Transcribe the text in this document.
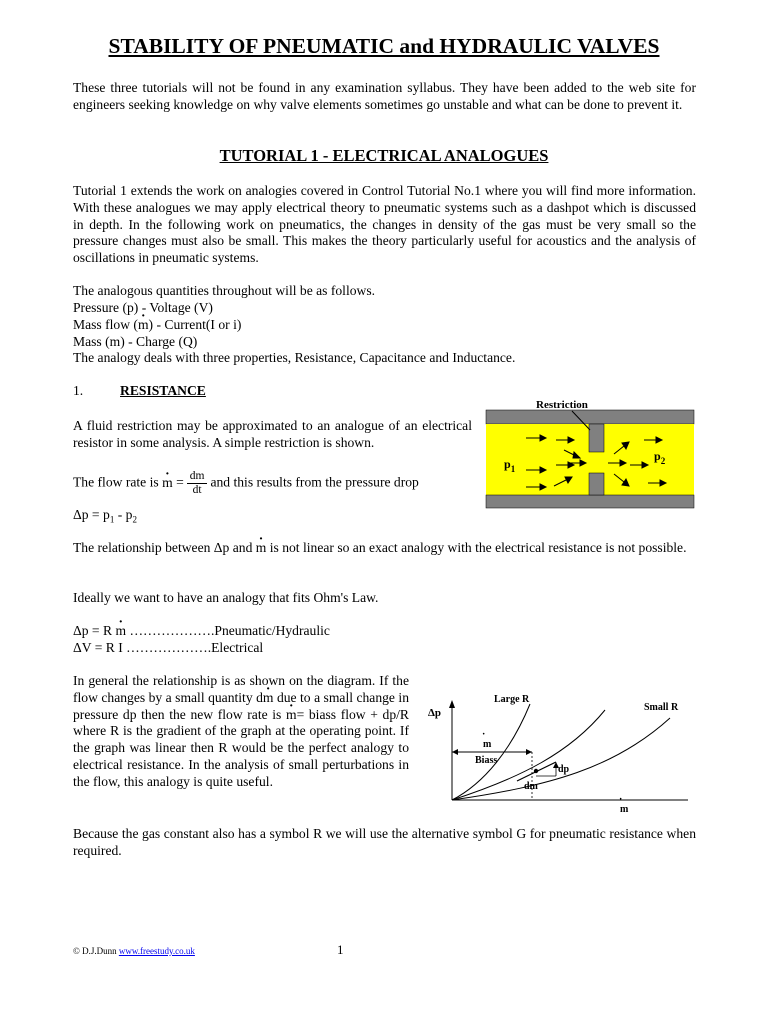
STABILITY OF PNEUMATIC and HYDRAULIC VALVES
These three tutorials will not be found in any examination syllabus. They have been added to the web site for engineers seeking knowledge on why valve elements sometimes go unstable and what can be done to prevent it.
TUTORIAL 1 - ELECTRICAL ANALOGUES
Tutorial 1 extends the work on analogies covered in Control Tutorial No.1 where you will find more information. With these analogues we may apply electrical theory to pneumatic systems such as a dashpot which is discussed in depth. In the following work on pneumatics, the changes in density of the gas must be very small so the pressure changes must also be small. This makes the theory particularly useful for acoustics and the analysis of oscillations in pneumatic systems.
The analogous quantities throughout will be as follows.
Pressure (p) - Voltage (V)
Mass flow (· m) - Current(I or i)
Mass (m) - Charge (Q)
The analogy deals with three properties, Resistance, Capacitance and Inductance.
1.	RESISTANCE
A fluid restriction may be approximated to an analogue of an electrical resistor in some analysis. A simple restriction is shown.
The flow rate is · $m = \frac{dm}{dt}$ and this results from the pressure drop
$\Delta p = p_1 - p_2$
The relationship between Δp and · m is not linear so an exact analogy with the electrical resistance is not possible.
Ideally we want to have an analogy that fits Ohm's Law.
Δp = R · m ……………….Pneumatic/Hydraulic
ΔV = R I ……………….Electrical
In general the relationship is as shown on the diagram. If the flow changes by a small quantity d· m due to a small change in pressure dp then the new flow rate is · m= biass flow + dp/R where R is the gradient of the graph at the operating point. If the graph was linear then R would be the perfect analogy to electrical resistance. In the analysis of small perturbations in the flow, this analogy is quite useful.
Because the gas constant also has a symbol R we will use the alternative symbol G for pneumatic resistance when required.
Restriction
$p_1$
$p_2$
Δp
m
·
Large R
Small R
m
·
Biass
dp
dm
© D.J.Dunn www.freestudy.co.uk	1
